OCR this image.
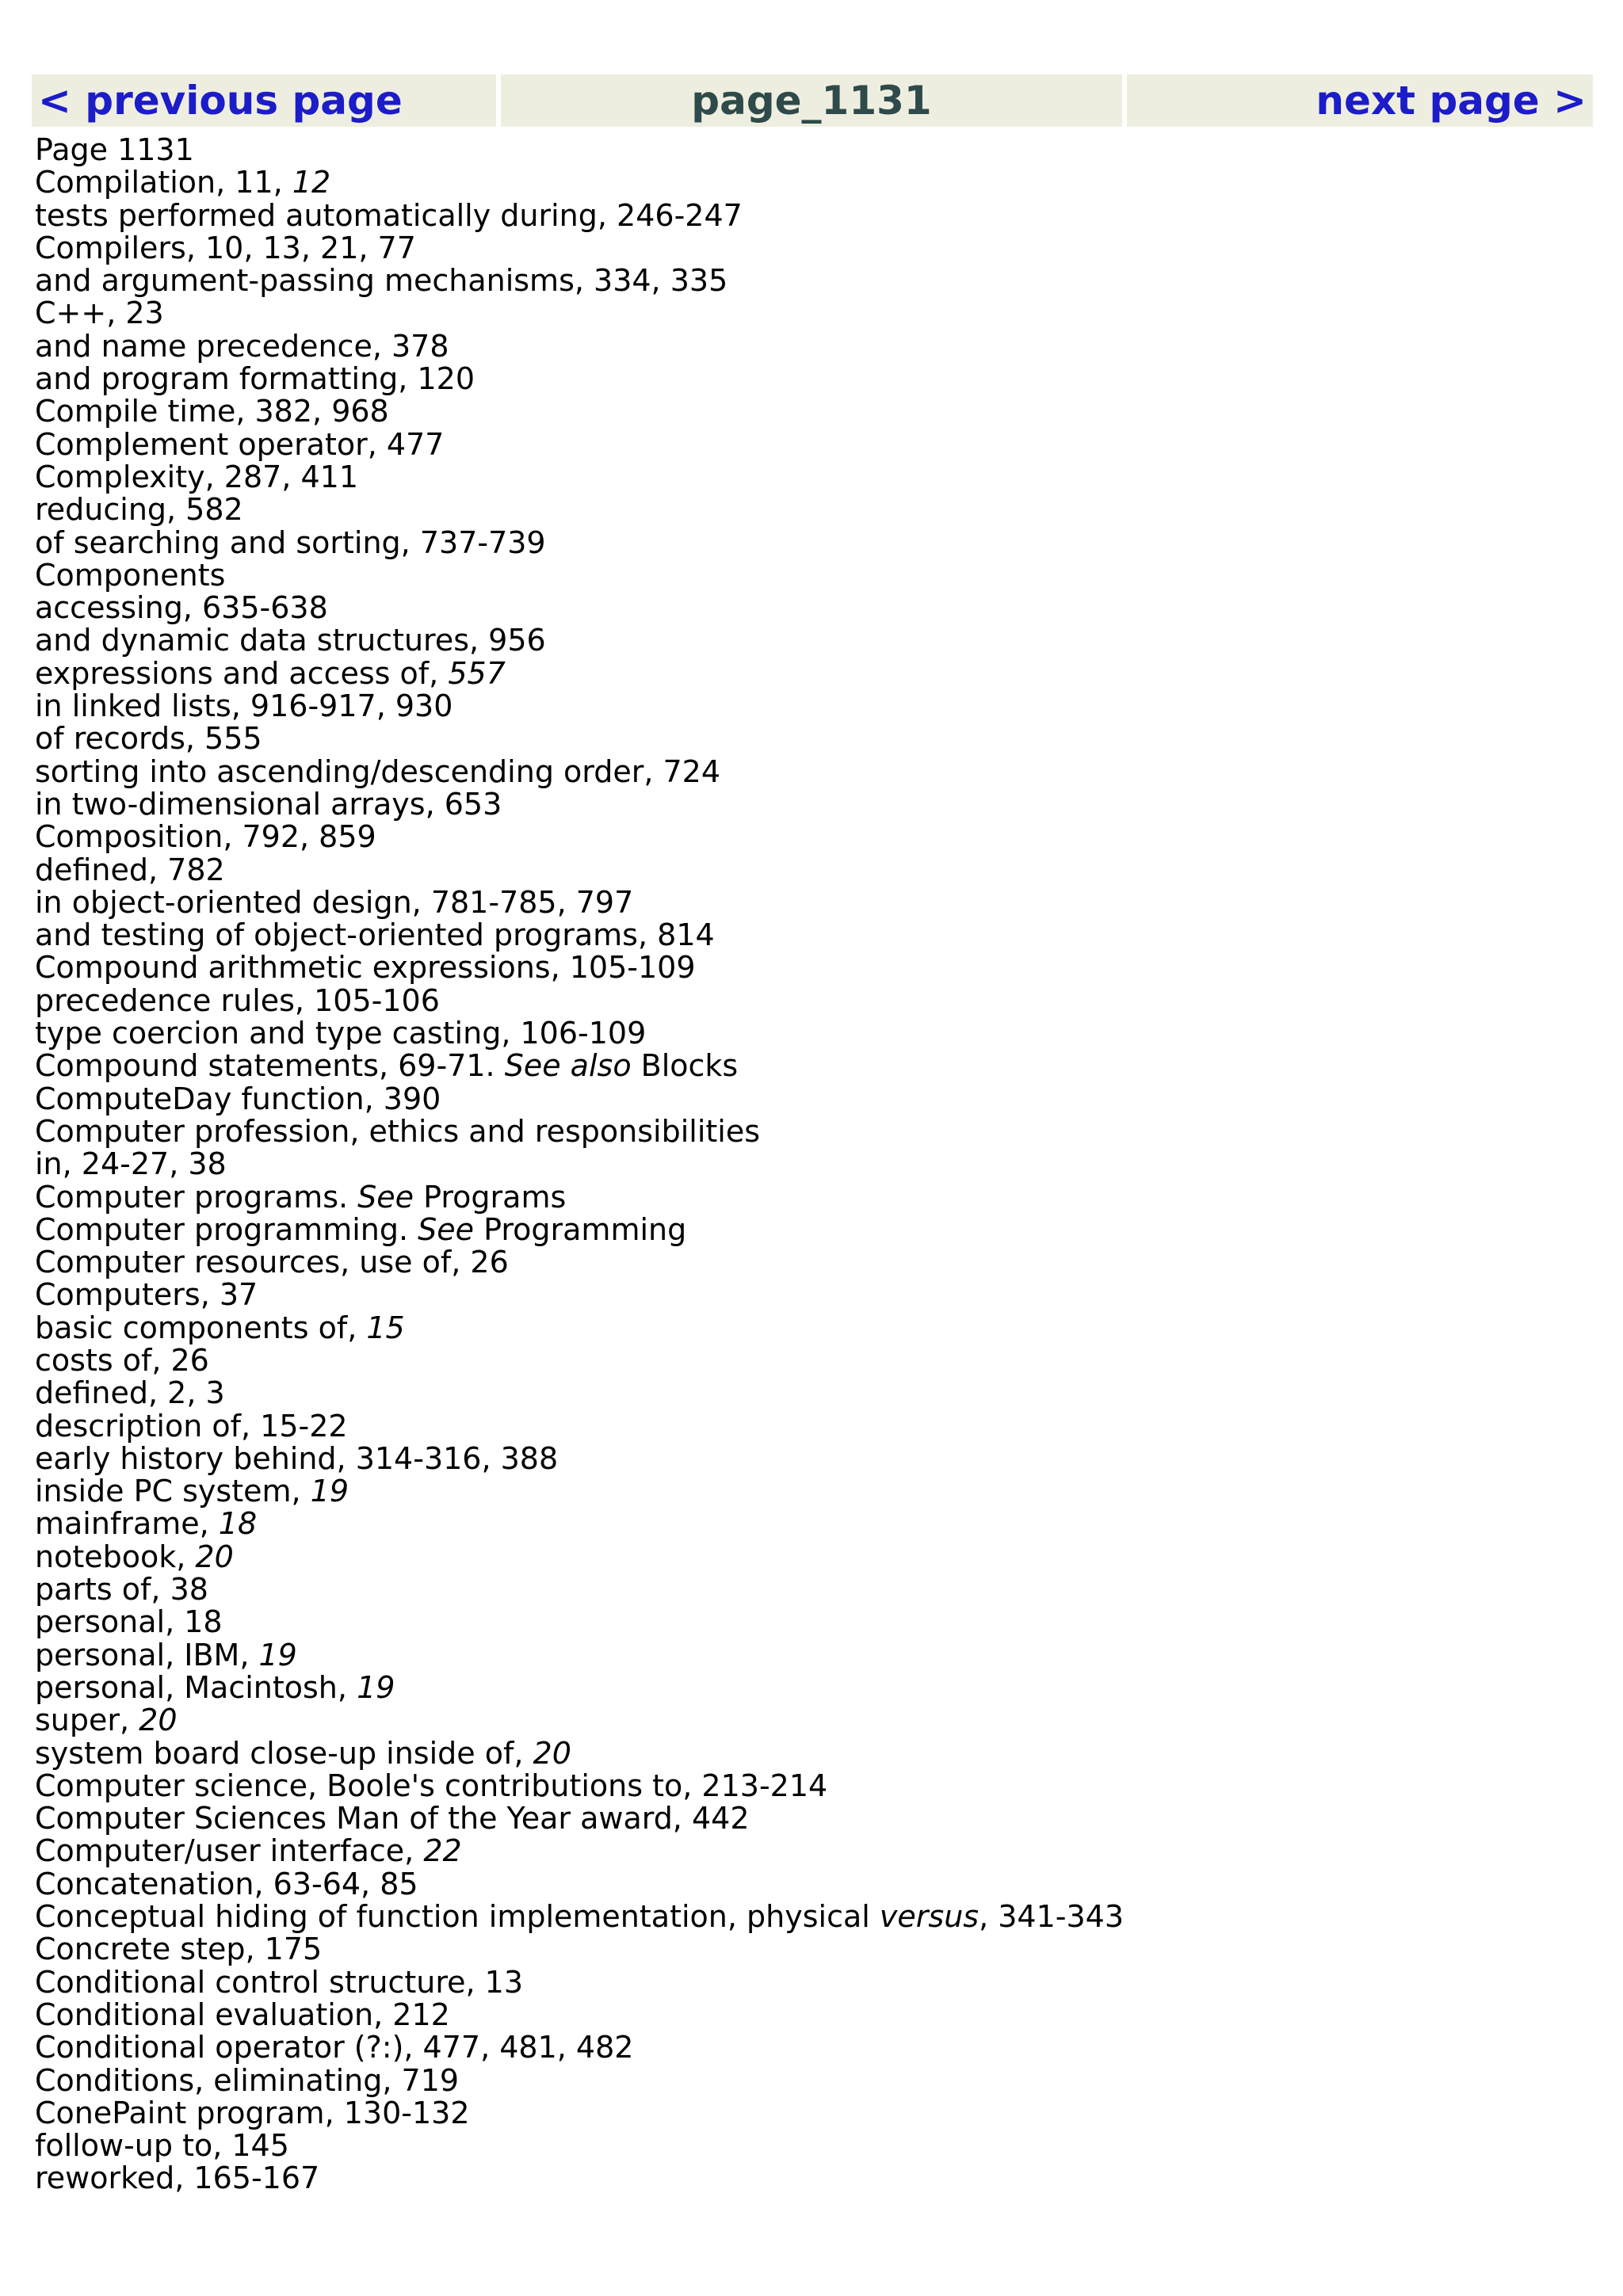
< previous page	page_1131	next page >
Page 1131
Compilation, 11, 12
tests performed automatically during, 246-247
Compilers, 10, 13, 21, 77
and argument-passing mechanisms, 334, 335
C++, 23
and name precedence, 378
and program formatting, 120
Compile time, 382, 968
Complement operator, 477
Complexity, 287, 411
reducing, 582
of searching and sorting, 737-739
Components
accessing, 635-638
and dynamic data structures, 956
expressions and access of, 557
in linked lists, 916-917, 930
of records, 555
sorting into ascending/descending order, 724
in two-dimensional arrays, 653
Composition, 792, 859
defined, 782
in object-oriented design, 781-785, 797
and testing of object-oriented programs, 814
Compound arithmetic expressions, 105-109
precedence rules, 105-106
type coercion and type casting, 106-109
Compound statements, 69-71. See also Blocks
ComputeDay function, 390
Computer profession, ethics and responsibilities
in, 24-27, 38
Computer programs. See Programs
Computer programming. See Programming
Computer resources, use of, 26
Computers, 37
basic components of, 15
costs of, 26
defined, 2, 3
description of, 15-22
early history behind, 314-316, 388
inside PC system, 19
mainframe, 18
notebook, 20
parts of, 38
personal, 18
personal, IBM, 19
personal, Macintosh, 19
super, 20
system board close-up inside of, 20
Computer science, Boole's contributions to, 213-214
Computer Sciences Man of the Year award, 442
Computer/user interface, 22
Concatenation, 63-64, 85
Conceptual hiding of function implementation, physical versus, 341-343
Concrete step, 175
Conditional control structure, 13
Conditional evaluation, 212
Conditional operator (?:), 477, 481, 482
Conditions, eliminating, 719
ConePaint program, 130-132
follow-up to, 145
reworked, 165-167
